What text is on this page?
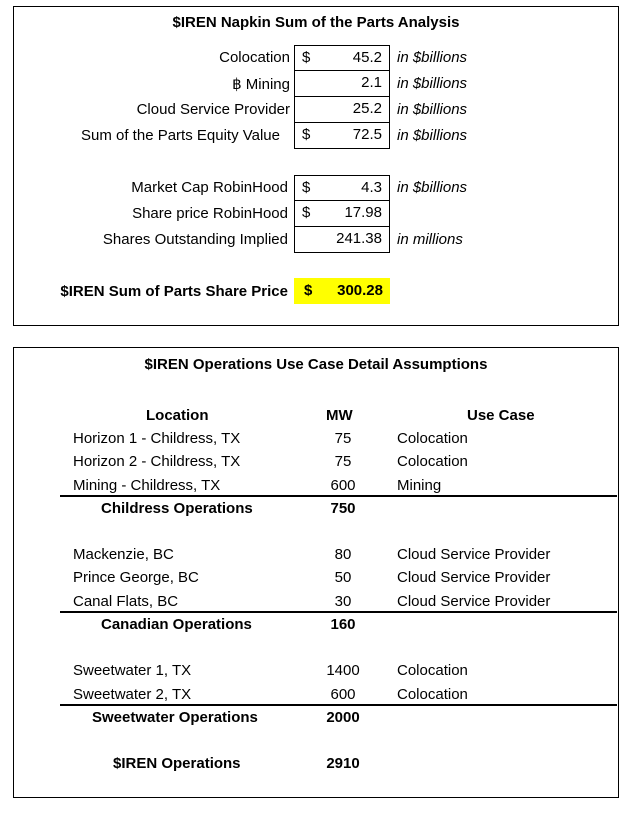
$IREN Napkin Sum of the Parts Analysis
Colocation $	45.2 in $billions
฿ Mining	2.1 in $billions
Cloud Service Provider	25.2 in $billions
Sum of the Parts Equity Value $	72.5 in $billions
Market Cap RobinHood $	4.3 in $billions
Share price RobinHood $ 17.98
Shares Outstanding Implied	241.38 in millions
$IREN Sum of Parts Share Price $ 300.28
$IREN Operations Use Case Detail Assumptions
Location	MW	Use Case
Horizon 1 - Childress, TX	75	Colocation
Horizon 2 - Childress, TX	75	Colocation
Mining - Childress, TX	600	Mining
Childress Operations	750
Mackenzie, BC	80	Cloud Service Provider
Prince George, BC	50	Cloud Service Provider
Canal Flats, BC	30	Cloud Service Provider
Canadian Operations	160
Sweetwater 1, TX	1400	Colocation
Sweetwater 2, TX	600	Colocation
Sweetwater Operations	2000
$IREN Operations	2910
